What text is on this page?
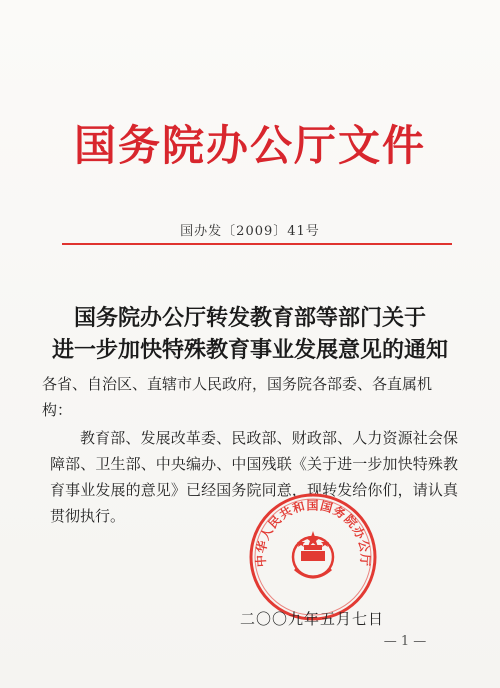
国务院办公厅文件
国办发〔2009〕41号
国务院办公厅转发教育部等部门关于
进一步加快特殊教育事业发展意见的通知
各省、自治区、直辖市人民政府，国务院各部委、各直属机构：
教育部、发展改革委、民政部、财政部、人力资源社会保障部、卫生部、中央编办、中国残联《关于进一步加快特殊教育事业发展的意见》已经国务院同意，现转发给你们，请认真贯彻执行。
中华人民共和国国务院办公厅
二〇〇九年五月七日
— 1 —
